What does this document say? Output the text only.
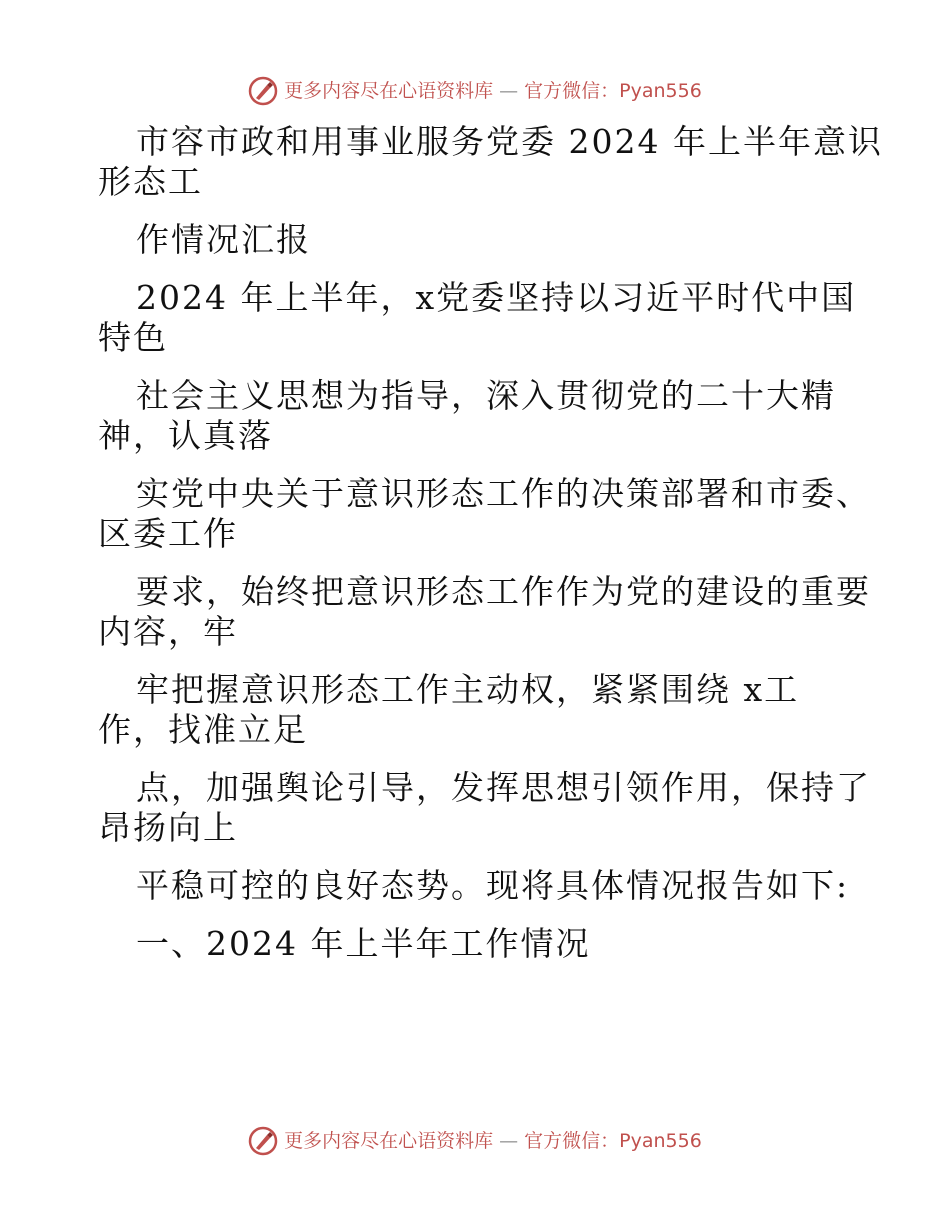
更多内容尽在心语资料库 — 官方微信：Pyan556
市容市政和用事业服务党委 2024 年上半年意识
形态工
作情况汇报
2024 年上半年，x党委坚持以习近平时代中国
特色
社会主义思想为指导，深入贯彻党的二十大精
神，认真落
实党中央关于意识形态工作的决策部署和市委、
区委工作
要求，始终把意识形态工作作为党的建设的重要
内容，牢
牢把握意识形态工作主动权，紧紧围绕 x工
作，找准立足
点，加强舆论引导，发挥思想引领作用，保持了
昂扬向上
平稳可控的良好态势。现将具体情况报告如下:
一、2024 年上半年工作情况
更多内容尽在心语资料库 — 官方微信：Pyan556
